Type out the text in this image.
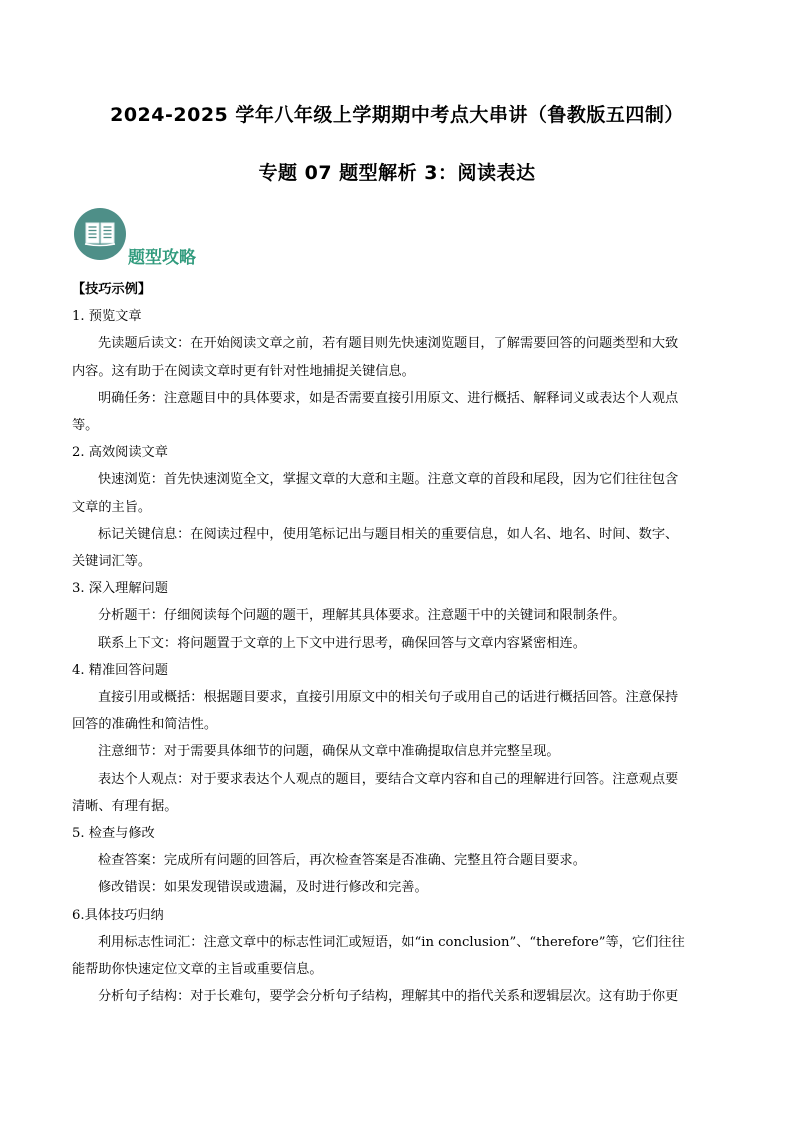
2024-2025 学年八年级上学期期中考点大串讲（鲁教版五四制）
专题 07 题型解析 3：阅读表达
题型攻略

【技巧示例】

1. 预览文章

先读题后读文：在开始阅读文章之前，若有题目则先快速浏览题目，了解需要回答的问题类型和大致

内容。这有助于在阅读文章时更有针对性地捕捉关键信息。

明确任务：注意题目中的具体要求，如是否需要直接引用原文、进行概括、解释词义或表达个人观点

等。

2. 高效阅读文章

快速浏览：首先快速浏览全文，掌握文章的大意和主题。注意文章的首段和尾段，因为它们往往包含

文章的主旨。

标记关键信息：在阅读过程中，使用笔标记出与题目相关的重要信息，如人名、地名、时间、数字、

关键词汇等。

3. 深入理解问题

分析题干：仔细阅读每个问题的题干，理解其具体要求。注意题干中的关键词和限制条件。

联系上下文：将问题置于文章的上下文中进行思考，确保回答与文章内容紧密相连。

4. 精准回答问题

直接引用或概括：根据题目要求，直接引用原文中的相关句子或用自己的话进行概括回答。注意保持

回答的准确性和简洁性。

注意细节：对于需要具体细节的问题，确保从文章中准确提取信息并完整呈现。

表达个人观点：对于要求表达个人观点的题目，要结合文章内容和自己的理解进行回答。注意观点要

清晰、有理有据。

5. 检查与修改

检查答案：完成所有问题的回答后，再次检查答案是否准确、完整且符合题目要求。

修改错误：如果发现错误或遗漏，及时进行修改和完善。

6.具体技巧归纳

利用标志性词汇：注意文章中的标志性词汇或短语，如“in conclusion”、“therefore”等，它们往往

能帮助你快速定位文章的主旨或重要信息。

分析句子结构：对于长难句，要学会分析句子结构，理解其中的指代关系和逻辑层次。这有助于你更
